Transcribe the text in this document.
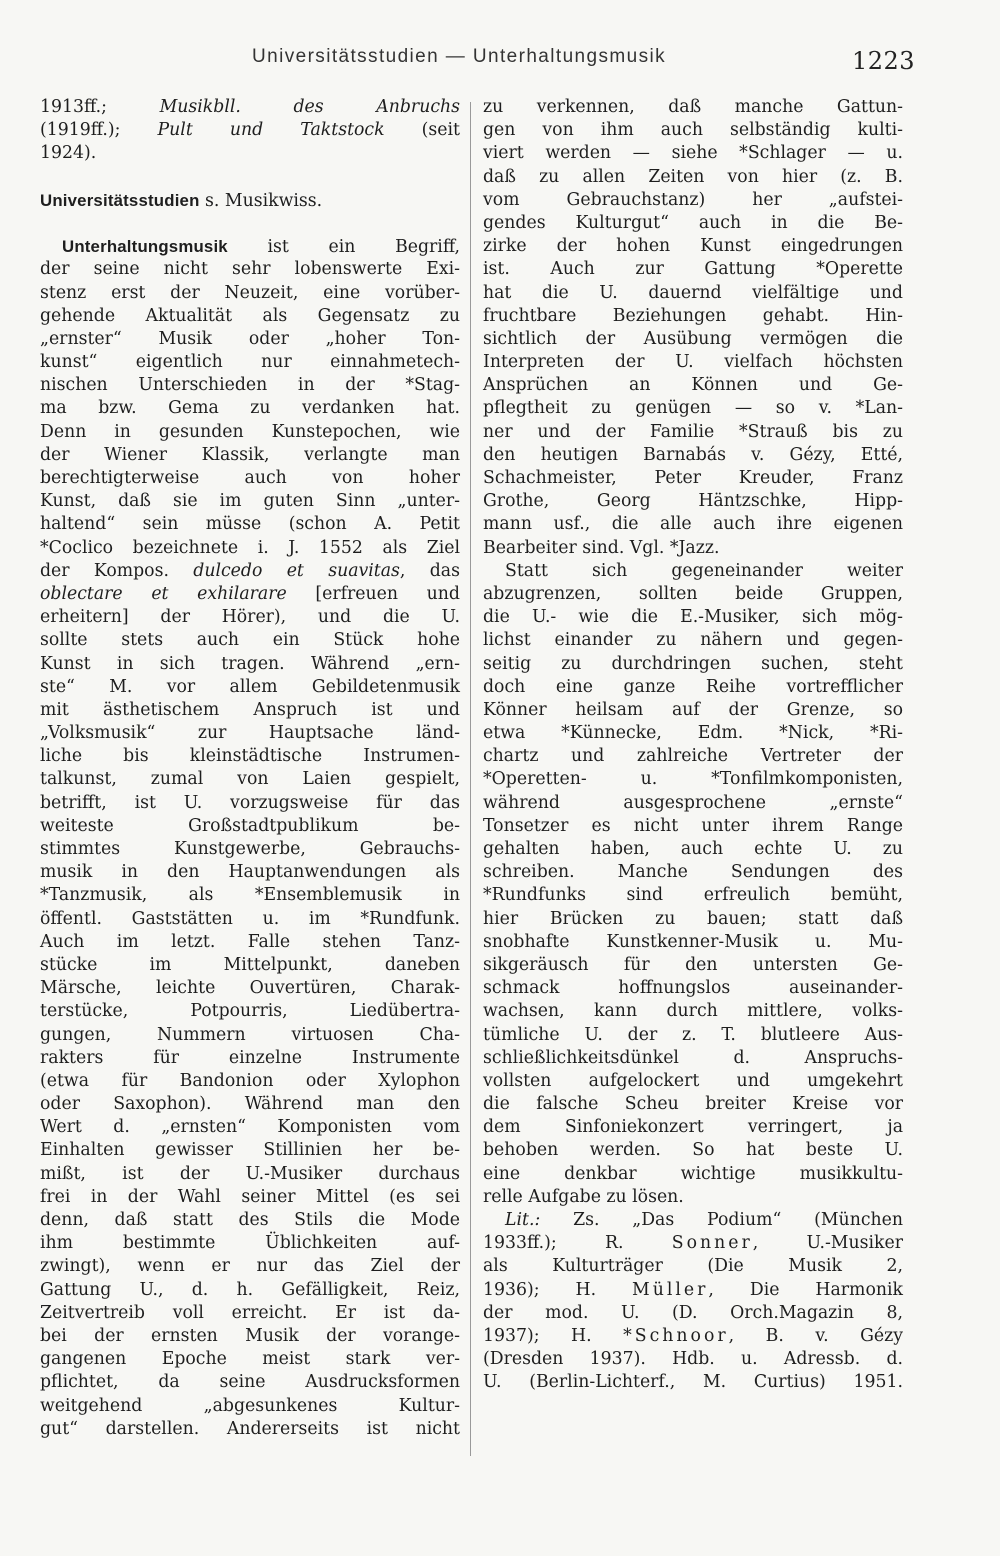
Universitätsstudien — Unterhaltungsmusik	1223
1913ff.; Musikbll. des Anbruchs
(1919ff.); Pult und Taktstock (seit
1924).
Universitätsstudien s. Musikwiss.
Unterhaltungsmusik ist ein Begriff,
der seine nicht sehr lobenswerte Exi-
stenz erst der Neuzeit, eine vorüber-
gehende Aktualität als Gegensatz zu
„ernster“ Musik oder „hoher Ton-
kunst“ eigentlich nur einnahmetech-
nischen Unterschieden in der *Stag-
ma bzw. Gema zu verdanken hat.
Denn in gesunden Kunstepochen, wie
der Wiener Klassik, verlangte man
berechtigterweise auch von hoher
Kunst, daß sie im guten Sinn „unter-
haltend“ sein müsse (schon A. Petit
*Coclico bezeichnete i. J. 1552 als Ziel
der Kompos. dulcedo et suavitas, das
oblectare et exhilarare [erfreuen und
erheitern] der Hörer), und die U.
sollte stets auch ein Stück hohe
Kunst in sich tragen. Während „ern-
ste“ M. vor allem Gebildetenmusik
mit ästhetischem Anspruch ist und
„Volksmusik“ zur Hauptsache länd-
liche bis kleinstädtische Instrumen-
talkunst, zumal von Laien gespielt,
betrifft, ist U. vorzugsweise für das
weiteste Großstadtpublikum be-
stimmtes Kunstgewerbe, Gebrauchs-
musik in den Hauptanwendungen als
*Tanzmusik, als *Ensemblemusik in
öffentl. Gaststätten u. im *Rundfunk.
Auch im letzt. Falle stehen Tanz-
stücke im Mittelpunkt, daneben
Märsche, leichte Ouvertüren, Charak-
terstücke, Potpourris, Liedübertra-
gungen, Nummern virtuosen Cha-
rakters für einzelne Instrumente
(etwa für Bandonion oder Xylophon
oder Saxophon). Während man den
Wert d. „ernsten“ Komponisten vom
Einhalten gewisser Stillinien her be-
mißt, ist der U.-Musiker durchaus
frei in der Wahl seiner Mittel (es sei
denn, daß statt des Stils die Mode
ihm bestimmte Üblichkeiten auf-
zwingt), wenn er nur das Ziel der
Gattung U., d. h. Gefälligkeit, Reiz,
Zeitvertreib voll erreicht. Er ist da-
bei der ernsten Musik der vorange-
gangenen Epoche meist stark ver-
pflichtet, da seine Ausdrucksformen
weitgehend „abgesunkenes Kultur-
gut“ darstellen. Andererseits ist nicht
zu verkennen, daß manche Gattun-
gen von ihm auch selbständig kulti-
viert werden — siehe *Schlager — u.
daß zu allen Zeiten von hier (z. B.
vom Gebrauchstanz) her „aufstei-
gendes Kulturgut“ auch in die Be-
zirke der hohen Kunst eingedrungen
ist. Auch zur Gattung *Operette
hat die U. dauernd vielfältige und
fruchtbare Beziehungen gehabt. Hin-
sichtlich der Ausübung vermögen die
Interpreten der U. vielfach höchsten
Ansprüchen an Können und Ge-
pflegtheit zu genügen — so v. *Lan-
ner und der Familie *Strauß bis zu
den heutigen Barnabás v. Gézy, Etté,
Schachmeister, Peter Kreuder, Franz
Grothe, Georg Häntzschke, Hipp-
mann usf., die alle auch ihre eigenen
Bearbeiter sind. Vgl. *Jazz.
Statt sich gegeneinander weiter
abzugrenzen, sollten beide Gruppen,
die U.- wie die E.-Musiker, sich mög-
lichst einander zu nähern und gegen-
seitig zu durchdringen suchen, steht
doch eine ganze Reihe vortrefflicher
Könner heilsam auf der Grenze, so
etwa *Künnecke, Edm. *Nick, *Ri-
chartz und zahlreiche Vertreter der
*Operetten- u. *Tonfilmkomponisten,
während ausgesprochene „ernste“
Tonsetzer es nicht unter ihrem Range
gehalten haben, auch echte U. zu
schreiben. Manche Sendungen des
*Rundfunks sind erfreulich bemüht,
hier Brücken zu bauen; statt daß
snobhafte Kunstkenner-Musik u. Mu-
sikgeräusch für den untersten Ge-
schmack hoffnungslos auseinander-
wachsen, kann durch mittlere, volks-
tümliche U. der z. T. blutleere Aus-
schließlichkeitsdünkel d. Anspruchs-
vollsten aufgelockert und umgekehrt
die falsche Scheu breiter Kreise vor
dem Sinfoniekonzert verringert, ja
behoben werden. So hat beste U.
eine denkbar wichtige musikkultu-
relle Aufgabe zu lösen.
Lit.: Zs. „Das Podium“ (München
1933ff.); R. Sonner, U.-Musiker
als Kulturträger (Die Musik 2,
1936); H. Müller, Die Harmonik
der mod. U. (D. Orch.Magazin 8,
1937); H. *Schnoor, B. v. Gézy
(Dresden 1937). Hdb. u. Adressb. d.
U. (Berlin-Lichterf., M. Curtius) 1951.
